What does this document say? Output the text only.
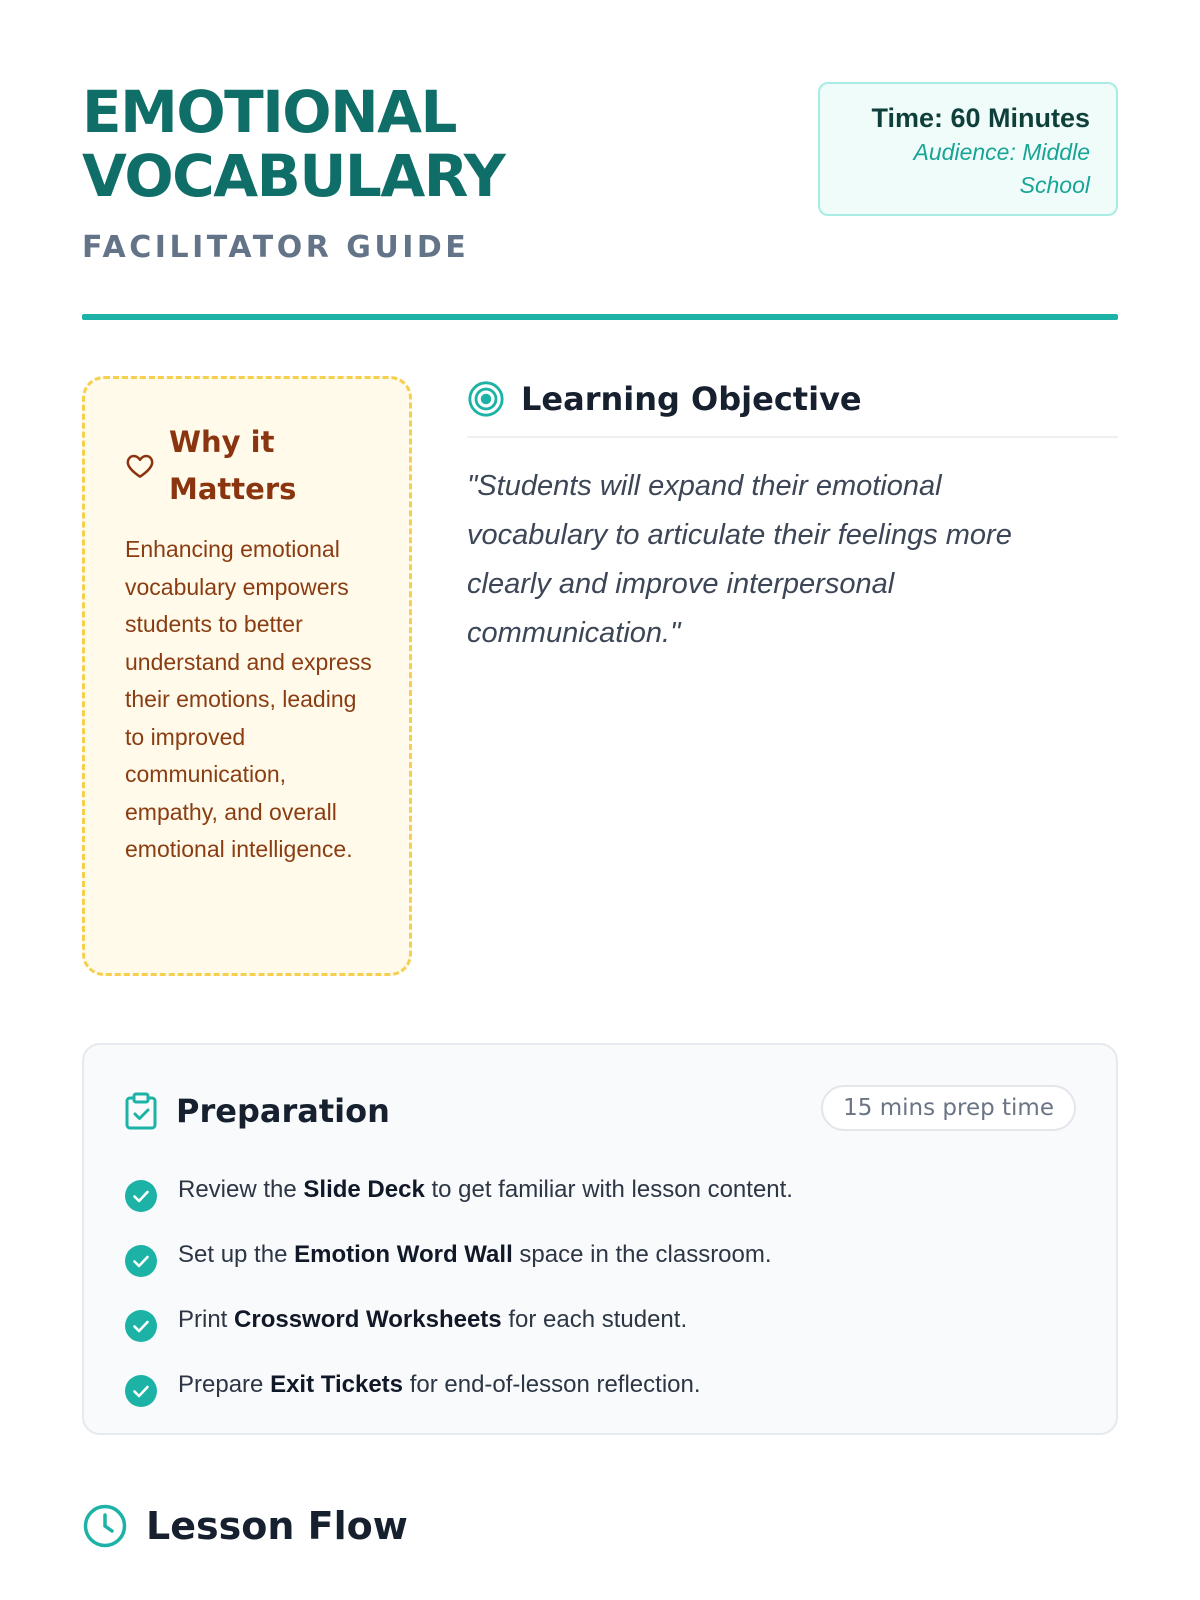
EMOTIONAL VOCABULARY
FACILITATOR GUIDE
Time: 60 Minutes
Audience: Middle School
Why it Matters
Enhancing emotional vocabulary empowers students to better understand and express their emotions, leading to improved communication, empathy, and overall emotional intelligence.
Learning Objective
"Students will expand their emotional vocabulary to articulate their feelings more clearly and improve interpersonal communication."
Preparation	15 mins prep time
Review the Slide Deck to get familiar with lesson content.
Set up the Emotion Word Wall space in the classroom.
Print Crossword Worksheets for each student.
Prepare Exit Tickets for end-of-lesson reflection.
Lesson Flow
